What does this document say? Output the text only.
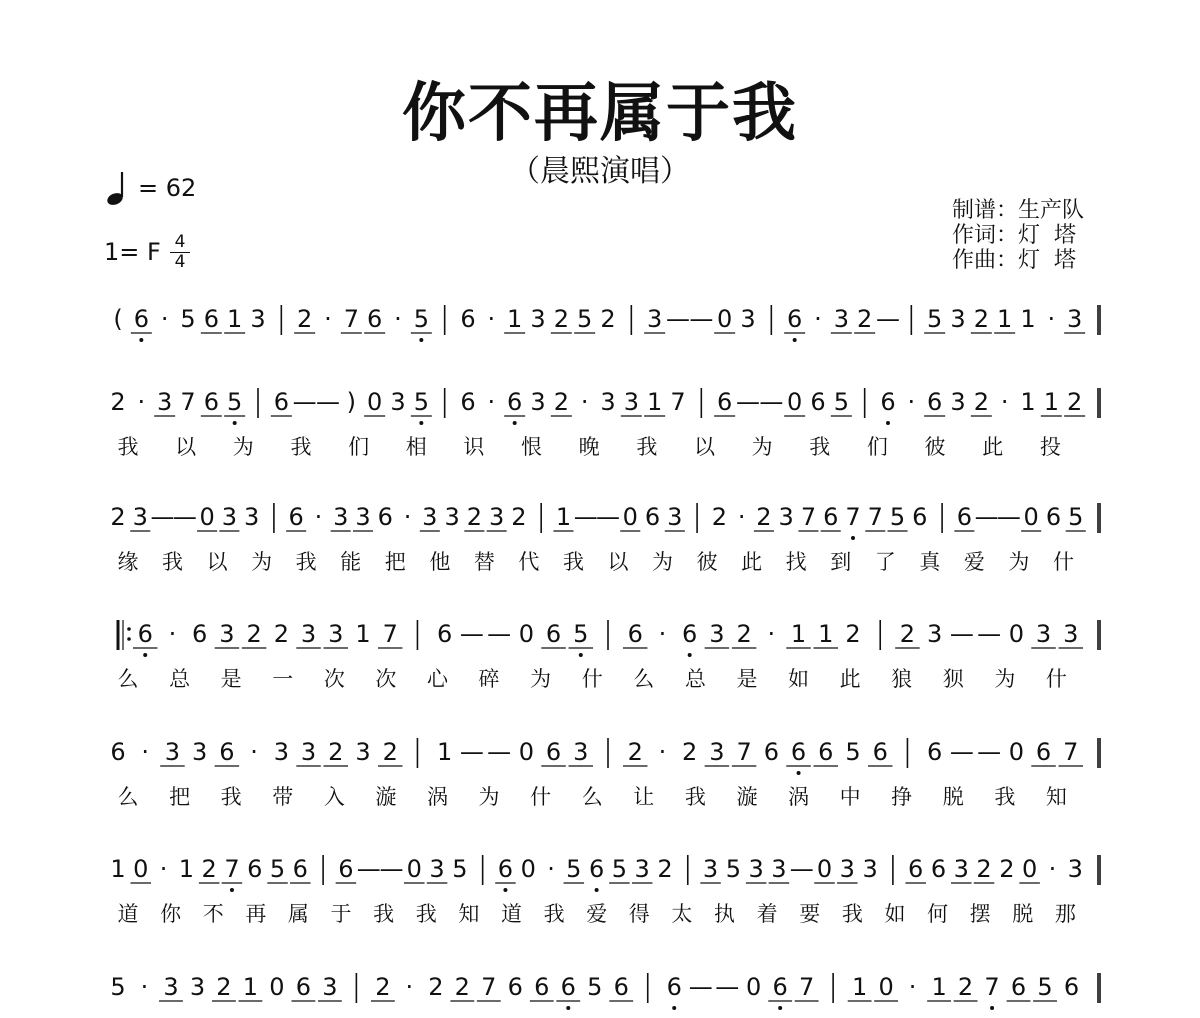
你不再属于我
（晨熙演唱）
= 62
1= F 4
4
制谱：生产队
作词：灯  塔
作曲：灯  塔
( 6 · 5 6 1 3 2 · 7 6 · 5 6 · 1 3 2 5 2 3 — — 0 3 6 · 3 2 — 5 3 2 1 1 · 3
2 · 3 7 6 5 6 — — ) 0 3 5 6 · 6 3 2 · 3 3 1 7 6 — — 0 6 5 6 · 6 3 2 · 1 1 2
我 以 为 我 们 相 识 恨 晚 我 以 为 我 们 彼 此 投
2 3 —
— 0 3 3 6 · 3 3 6 · 3 3 2 3 2 1 —
— 0 6 3 2 · 2 3 7 6 7 7 5 6 6 —
— 0 6 5
缘 我 以 为 我 能 把 他 替 代 我 以 为 彼 此 找 到 了 真 爱 为 什
6 · 6 3 2 2 3 3 1 7 6 — — 0 6 5 6 · 6 3 2 · 1 1 2 2 3 — — 0 3 3
么 总 是 一 次 次 心 碎 为 什 么 总 是 如 此 狼 狈 为 什
6 · 3 3 6 · 3 3 2 3 2 1 — — 0 6 3 2 · 2 3 7 6 6 6 5 6 6 — — 0 6 7
么 把 我 带 入 漩 涡 为 什 么 让 我 漩 涡 中 挣 脱 我 知
1 0 · 1 2 7 6 5 6 6 —
— 0 3 5 6 0 · 5 6 5 3 2 3 5 3 3 — 0 3 3 6 6 3 2 2 0 · 3
道 你 不 再 属 于 我 我 知 道 我 爱 得 太 执 着 要 我 如 何 摆 脱 那
5 · 3 3 2 1 0 6 3 2 · 2 2 7 6 6 6 5 6 6 — — 0 6 7 1 0 · 1 2 7 6 5 6
